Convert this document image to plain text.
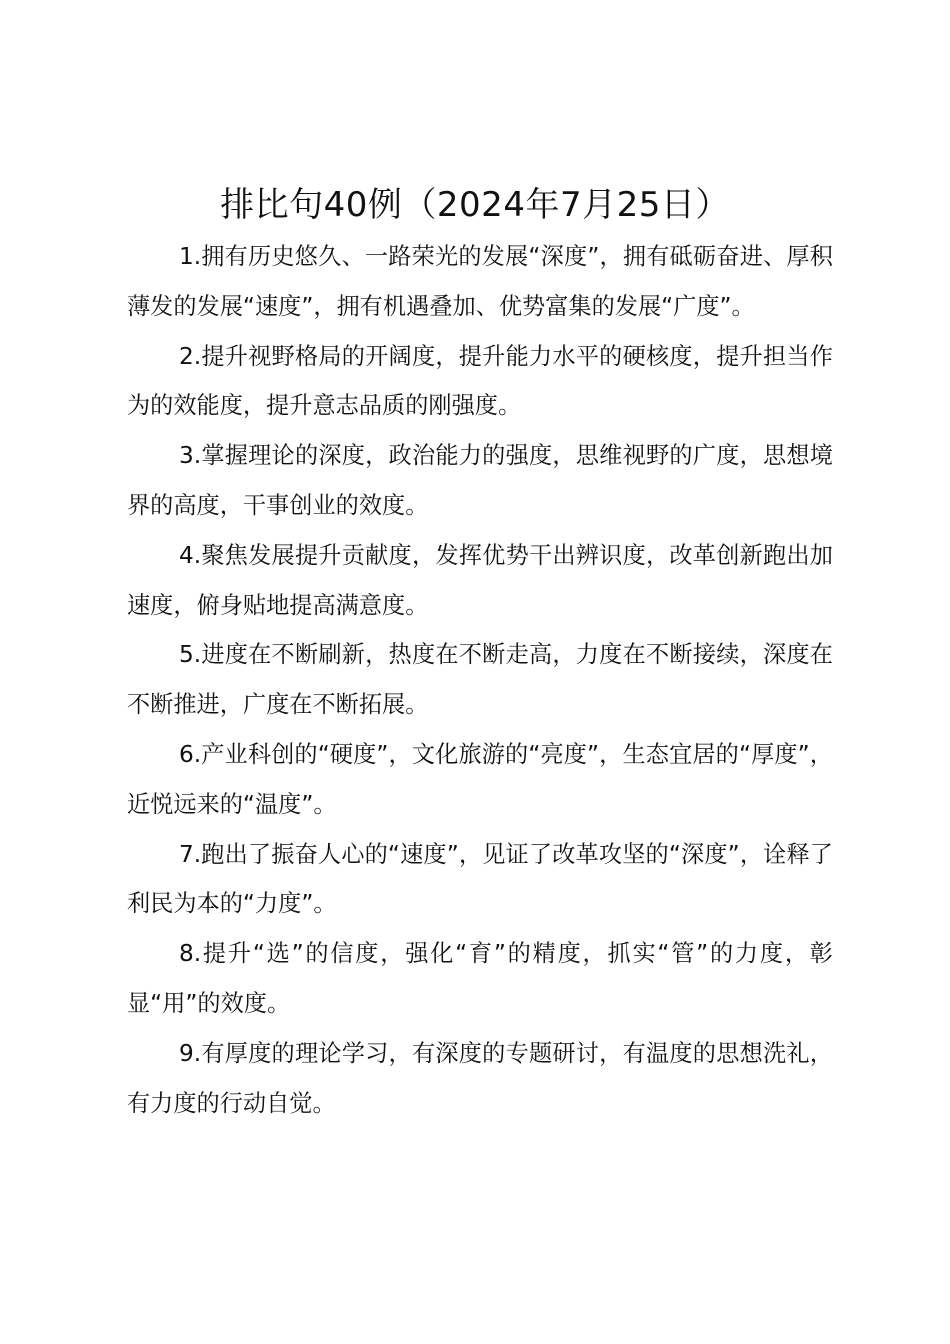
排比句40例（2024年7月25日）

1.拥有历史悠久、一路荣光的发展“深度”，拥有砥砺奋进、厚积薄发的发展“速度”，拥有机遇叠加、优势富集的发展“广度”。

2.提升视野格局的开阔度，提升能力水平的硬核度，提升担当作为的效能度，提升意志品质的刚强度。

3.掌握理论的深度，政治能力的强度，思维视野的广度，思想境界的高度，干事创业的效度。

4.聚焦发展提升贡献度，发挥优势干出辨识度，改革创新跑出加速度，俯身贴地提高满意度。

5.进度在不断刷新，热度在不断走高，力度在不断接续，深度在不断推进，广度在不断拓展。

6.产业科创的“硬度”，文化旅游的“亮度”，生态宜居的“厚度”，近悦远来的“温度”。

7.跑出了振奋人心的“速度”，见证了改革攻坚的“深度”，诠释了利民为本的“力度”。

8.提升“选”的信度，强化“育”的精度，抓实“管”的力度，彰显“用”的效度。

9.有厚度的理论学习，有深度的专题研讨，有温度的思想洗礼，有力度的行动自觉。
